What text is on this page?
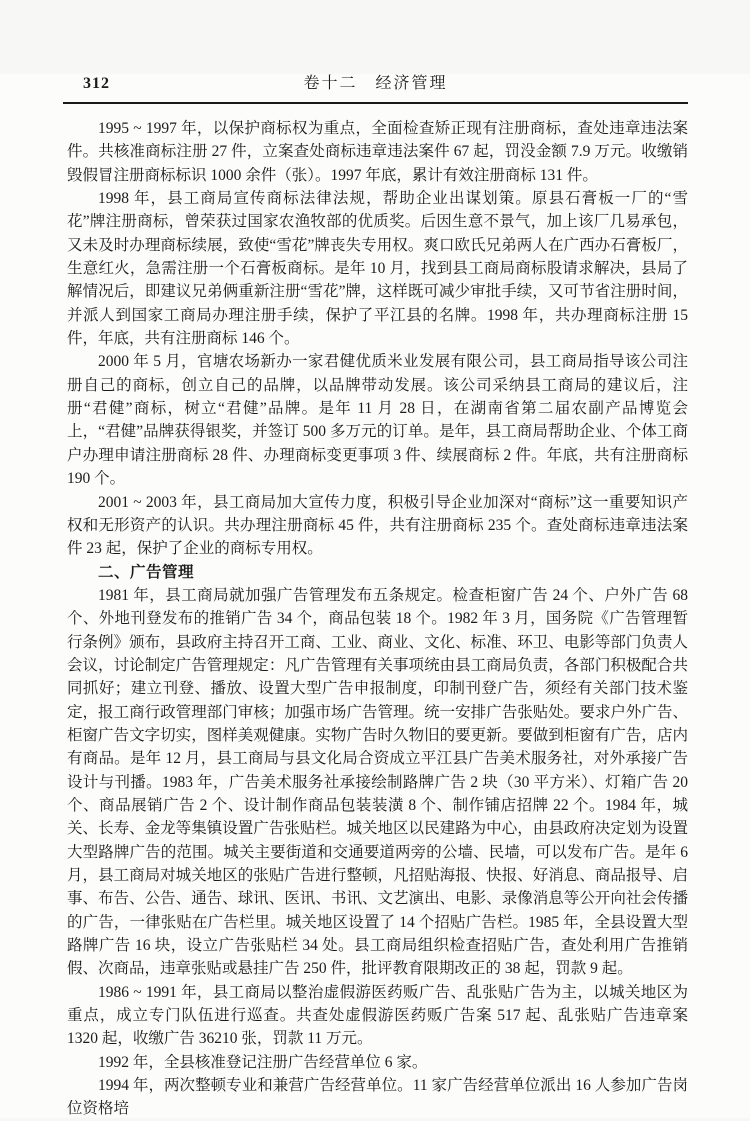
312	卷十二　经济管理

1995 ~ 1997 年，以保护商标权为重点，全面检查矫正现有注册商标，查处违章违法案件。共核准商标注册 27 件，立案查处商标违章违法案件 67 起，罚没金额 7.9 万元。收缴销毁假冒注册商标标识 1000 余件（张）。1997 年底，累计有效注册商标 131 件。

1998 年，县工商局宣传商标法律法规，帮助企业出谋划策。原县石膏板一厂的“雪花”牌注册商标，曾荣获过国家农渔牧部的优质奖。后因生意不景气，加上该厂几易承包，又未及时办理商标续展，致使“雪花”牌丧失专用权。爽口欧氏兄弟两人在广西办石膏板厂，生意红火，急需注册一个石膏板商标。是年 10 月，找到县工商局商标股请求解决，县局了解情况后，即建议兄弟俩重新注册“雪花”牌，这样既可减少审批手续，又可节省注册时间，并派人到国家工商局办理注册手续，保护了平江县的名牌。1998 年，共办理商标注册 15 件，年底，共有注册商标 146 个。

2000 年 5 月，官塘农场新办一家君健优质米业发展有限公司，县工商局指导该公司注册自己的商标，创立自己的品牌，以品牌带动发展。该公司采纳县工商局的建议后，注册“君健”商标，树立“君健”品牌。是年 11 月 28 日，在湖南省第二届农副产品博览会上，“君健”品牌获得银奖，并签订 500 多万元的订单。是年，县工商局帮助企业、个体工商户办理申请注册商标 28 件、办理商标变更事项 3 件、续展商标 2 件。年底，共有注册商标 190 个。

2001 ~ 2003 年，县工商局加大宣传力度，积极引导企业加深对“商标”这一重要知识产权和无形资产的认识。共办理注册商标 45 件，共有注册商标 235 个。查处商标违章违法案件 23 起，保护了企业的商标专用权。

二、广告管理

1981 年，县工商局就加强广告管理发布五条规定。检查柜窗广告 24 个、户外广告 68 个、外地刊登发布的推销广告 34 个，商品包装 18 个。1982 年 3 月，国务院《广告管理暂行条例》颁布，县政府主持召开工商、工业、商业、文化、标准、环卫、电影等部门负责人会议，讨论制定广告管理规定：凡广告管理有关事项统由县工商局负责，各部门积极配合共同抓好；建立刊登、播放、设置大型广告申报制度，印制刊登广告，须经有关部门技术鉴定，报工商行政管理部门审核；加强市场广告管理。统一安排广告张贴处。要求户外广告、柜窗广告文字切实，图样美观健康。实物广告时久物旧的要更新。要做到柜窗有广告，店内有商品。是年 12 月，县工商局与县文化局合资成立平江县广告美术服务社，对外承接广告设计与刊播。1983 年，广告美术服务社承接绘制路牌广告 2 块（30 平方米）、灯箱广告 20 个、商品展销广告 2 个、设计制作商品包装装潢 8 个、制作铺店招牌 22 个。1984 年，城关、长寿、金龙等集镇设置广告张贴栏。城关地区以民建路为中心，由县政府决定划为设置大型路牌广告的范围。城关主要街道和交通要道两旁的公墙、民墙，可以发布广告。是年 6 月，县工商局对城关地区的张贴广告进行整顿，凡招贴海报、快报、好消息、商品报导、启事、布告、公告、通告、球讯、医讯、书讯、文艺演出、电影、录像消息等公开向社会传播的广告，一律张贴在广告栏里。城关地区设置了 14 个招贴广告栏。1985 年，全县设置大型路牌广告 16 块，设立广告张贴栏 34 处。县工商局组织检查招贴广告，查处利用广告推销假、次商品，违章张贴或悬挂广告 250 件，批评教育限期改正的 38 起，罚款 9 起。

1986 ~ 1991 年，县工商局以整治虚假游医药贩广告、乱张贴广告为主，以城关地区为重点，成立专门队伍进行巡查。共查处虚假游医药贩广告案 517 起、乱张贴广告违章案 1320 起，收缴广告 36210 张，罚款 11 万元。

1992 年，全县核准登记注册广告经营单位 6 家。

1994 年，两次整顿专业和兼营广告经营单位。11 家广告经营单位派出 16 人参加广告岗位资格培
